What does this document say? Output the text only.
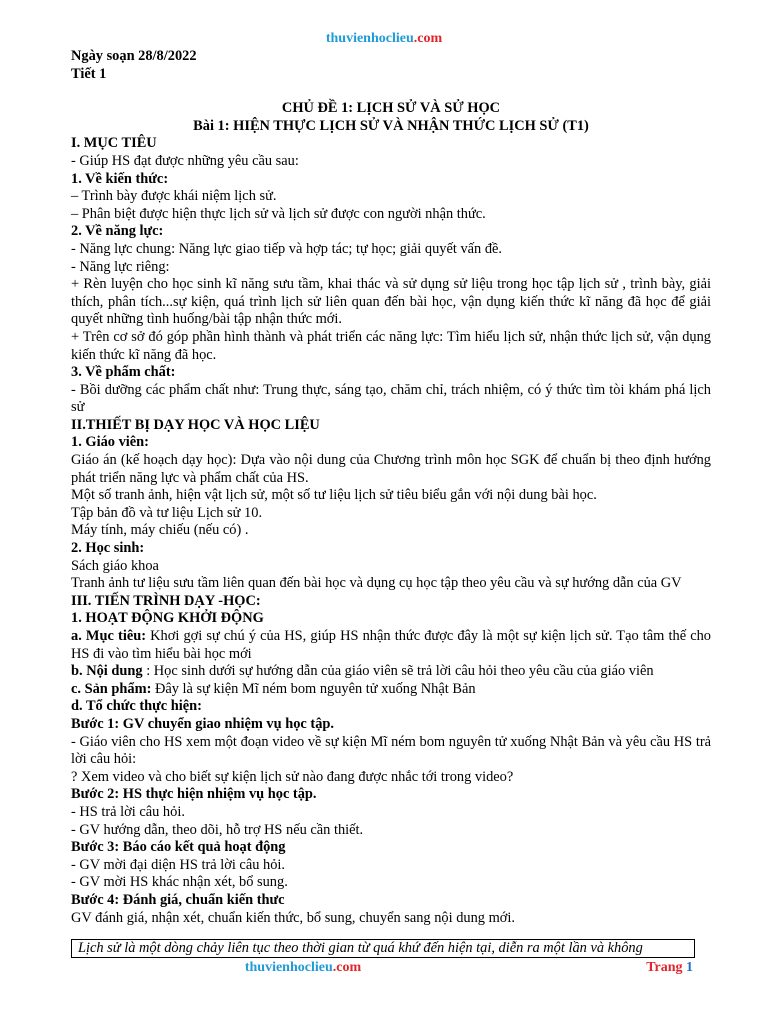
thuvienhoclieu.com

Ngày soạn 28/8/2022

Tiết 1

CHỦ ĐỀ 1: LỊCH SỬ VÀ SỬ HỌC

Bài 1: HIỆN THỰC LỊCH SỬ VÀ NHẬN THỨC LỊCH SỬ (T1)

I. MỤC TIÊU

- Giúp HS đạt được những yêu cầu sau:

1. Về kiến thức:

– Trình bày được khái niệm lịch sử.

– Phân biệt được hiện thực lịch sử và lịch sử được con người nhận thức.

2. Về năng lực:

- Năng lực chung: Năng lực giao tiếp và hợp tác; tự học; giải quyết vấn đề.

- Năng lực riêng:

+ Rèn luyện cho học sinh kĩ năng sưu tầm, khai thác và sử dụng sử liệu trong học tập lịch sử , trình bày, giải thích, phân tích...sự kiện, quá trình lịch sử liên quan đến bài học, vận dụng kiến thức kĩ năng đã học để giải quyết những tình huống/bài tập nhận thức mới.

+ Trên cơ sở đó góp phần hình thành và phát triển các năng lực: Tìm hiểu lịch sử, nhận thức lịch sử, vận dụng kiến thức kĩ năng đã học.

3. Về phẩm chất:

- Bồi dưỡng các phẩm chất như: Trung thực, sáng tạo, chăm chỉ, trách nhiệm, có ý thức tìm tòi khám phá lịch sử

II.THIẾT BỊ DẠY HỌC VÀ HỌC LIỆU

1. Giáo viên:

Giáo án (kế hoạch dạy học): Dựa vào nội dung của Chương trình môn học SGK để chuẩn bị theo định hướng phát triển năng lực và phẩm chất của HS.

Một số tranh ảnh, hiện vật lịch sử, một số tư liệu lịch sử tiêu biểu gắn với nội dung bài học.

Tập bản đồ và tư liệu Lịch sử 10.

Máy tính, máy chiếu (nếu có) .

2. Học sinh:

Sách giáo khoa

Tranh ảnh tư liệu sưu tầm liên quan đến bài học và dụng cụ học tập theo yêu cầu và sự hướng dẫn của GV

III. TIẾN TRÌNH DẠY -HỌC:

1. HOẠT ĐỘNG KHỞI ĐỘNG

a. Mục tiêu: Khơi gợi sự chú ý của HS, giúp HS nhận thức được đây là một sự kiện lịch sử. Tạo tâm thế cho HS đi vào tìm hiểu bài học mới

b. Nội dung : Học sinh dưới sự hướng dẫn của giáo viên sẽ trả lời câu hỏi theo yêu cầu của giáo viên

c. Sản phẩm: Đây là sự kiện Mĩ ném bom nguyên tử xuống Nhật Bản

d. Tổ chức thực hiện:

Bước 1: GV chuyển giao nhiệm vụ học tập.

- Giáo viên cho HS xem một đoạn video về sự kiện Mĩ ném bom nguyên tử xuống Nhật Bản và yêu cầu HS trả lời câu hỏi:

? Xem video và cho biết sự kiện lịch sử nào đang được nhắc tới trong video?

Bước 2: HS thực hiện nhiệm vụ học tập.

- HS trả lời câu hỏi.

- GV hướng dẫn, theo dõi, hỗ trợ HS nếu cần thiết.

Bước 3: Báo cáo kết quả hoạt động

- GV mời đại diện HS trả lời câu hỏi.

- GV mời HS khác nhận xét, bổ sung.

Bước 4: Đánh giá, chuẩn kiến thưc

GV đánh giá, nhận xét, chuẩn kiến thức, bổ sung, chuyển sang nội dung mới.

Lịch sử là một dòng chảy liên tục theo thời gian từ quá khứ đến hiện tại, diễn ra một lần và không
thuvienhoclieu.com	Trang 1
